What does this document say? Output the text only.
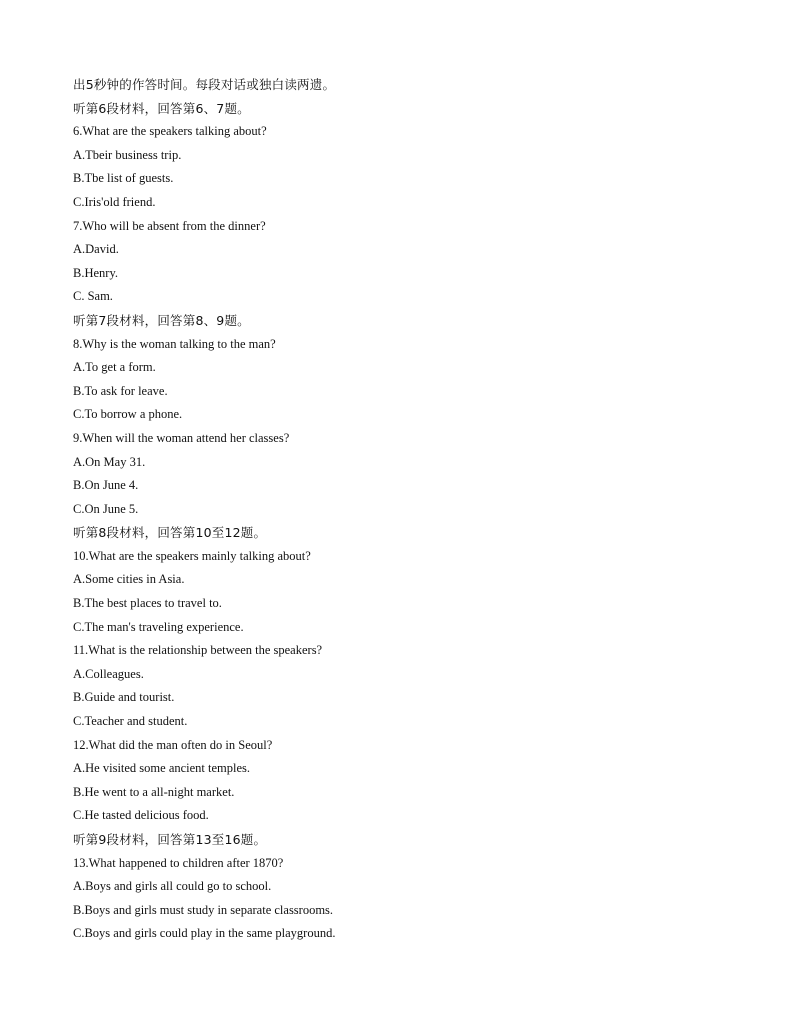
出5秒钟的作答时间。每段对话或独白读两遗。
听第6段材料，回答第6、7题。
6.What are the speakers talking about?
A.Tbeir business trip.
B.Tbe list of guests.
C.Iris'old friend.
7.Who will be absent from the dinner?
A.David.
B.Henry.
C. Sam.
听第7段材料，回答第8、9题。
8.Why is the woman talking to the man?
A.To get a form.
B.To ask for leave.
C.To borrow a phone.
9.When will the woman attend her classes?
A.On May 31.
B.On June 4.
C.On June 5.
听第8段材料，回答第10至12题。
10.What are the speakers mainly talking about?
A.Some cities in Asia.
B.The best places to travel to.
C.The man's traveling experience.
11.What is the relationship between the speakers?
A.Colleagues.
B.Guide and tourist.
C.Teacher and student.
12.What did the man often do in Seoul?
A.He visited some ancient temples.
B.He went to a all-night market.
C.He tasted delicious food.
听第9段材料，回答第13至16题。
13.What happened to children after 1870?
A.Boys and girls all could go to school.
B.Boys and girls must study in separate classrooms.
C.Boys and girls could play in the same playground.
